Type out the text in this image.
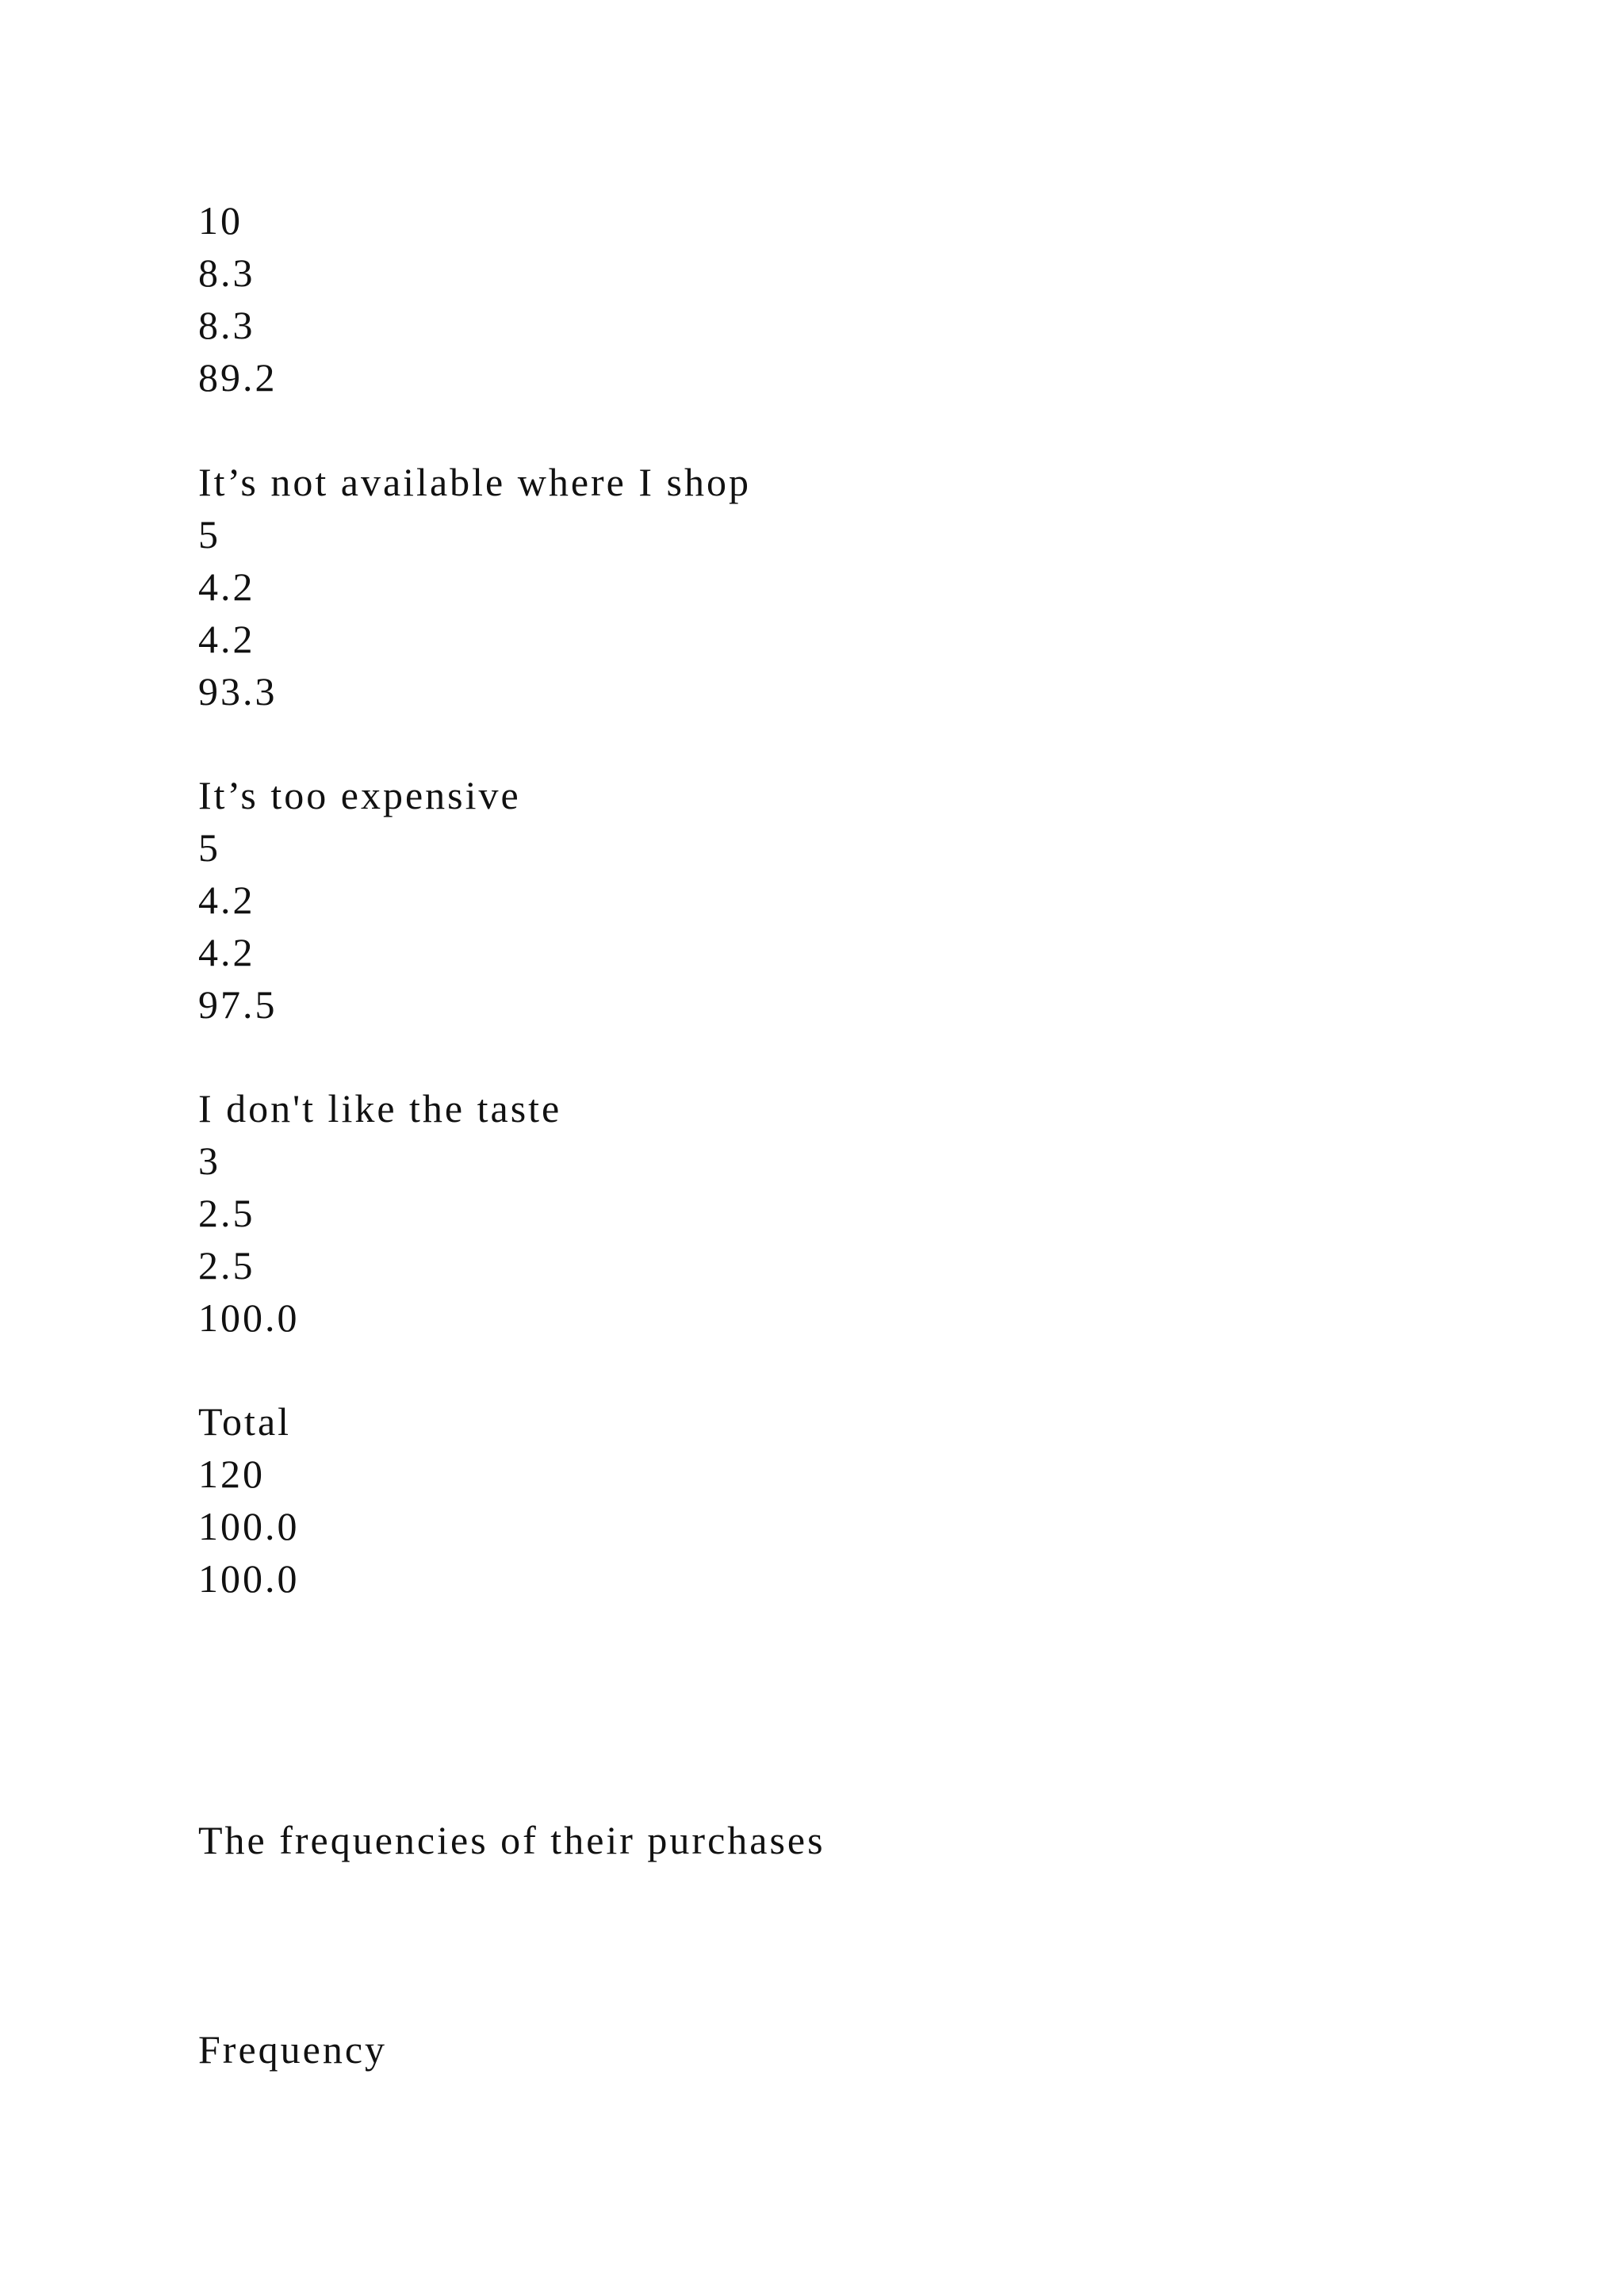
10
8.3
8.3
89.2
It’s not available where I shop
5
4.2
4.2
93.3
It’s too expensive
5
4.2
4.2
97.5
I don't like the taste
3
2.5
2.5
100.0
Total
120
100.0
100.0
The frequencies of their purchases
Frequency
